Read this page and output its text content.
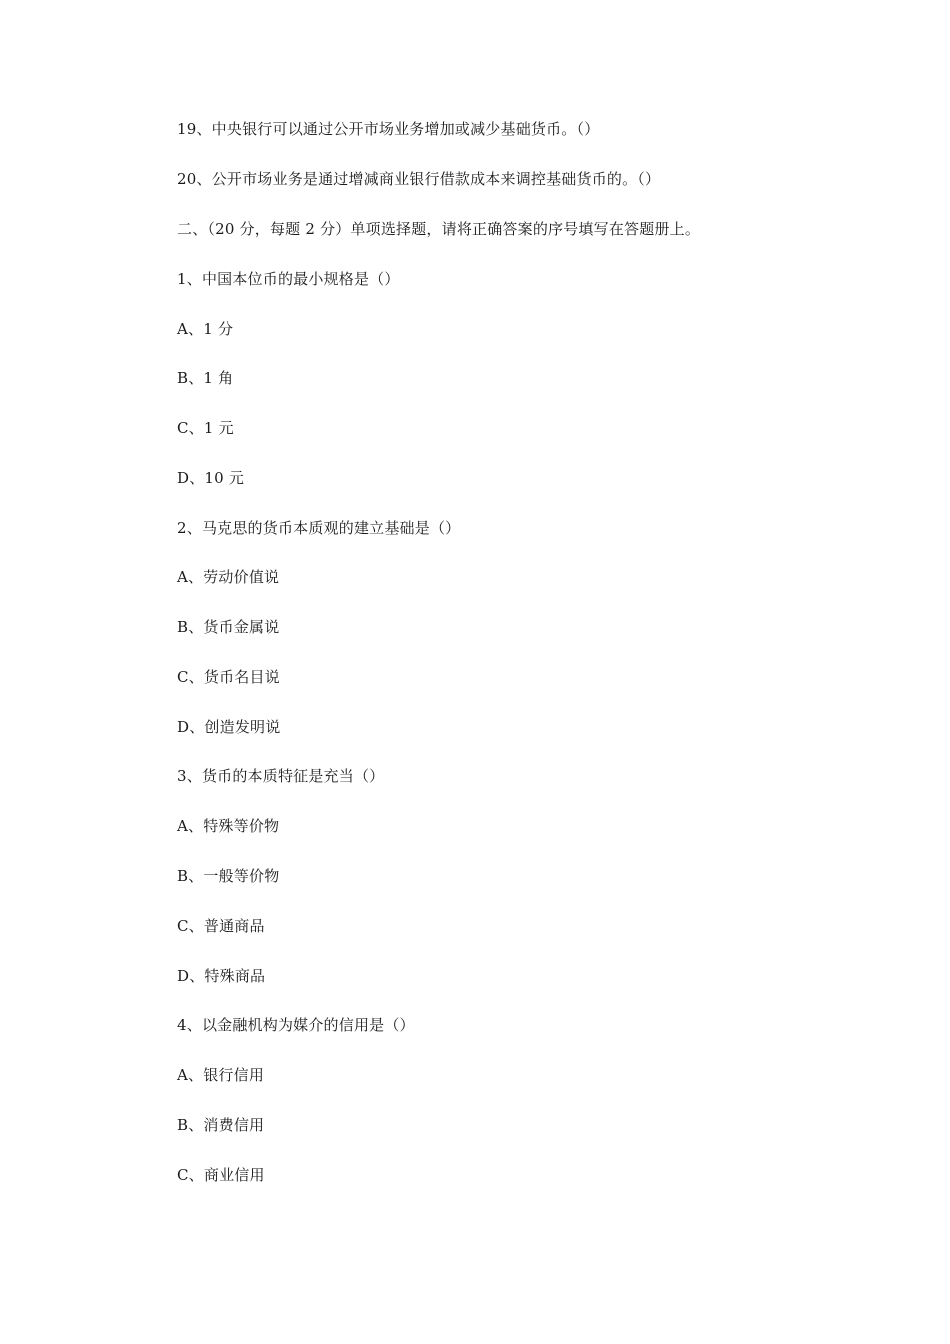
19、中央银行可以通过公开市场业务增加或减少基础货币。（）
20、公开市场业务是通过增减商业银行借款成本来调控基础货币的。（）
二、（20 分，每题 2 分）单项选择题，请将正确答案的序号填写在答题册上。
1、中国本位币的最小规格是（）
A、1 分
B、1 角
C、1 元
D、10 元
2、马克思的货币本质观的建立基础是（）
A、劳动价值说
B、货币金属说
C、货币名目说
D、创造发明说
3、货币的本质特征是充当（）
A、特殊等价物
B、一般等价物
C、普通商品
D、特殊商品
4、以金融机构为媒介的信用是（）
A、银行信用
B、消费信用
C、商业信用
